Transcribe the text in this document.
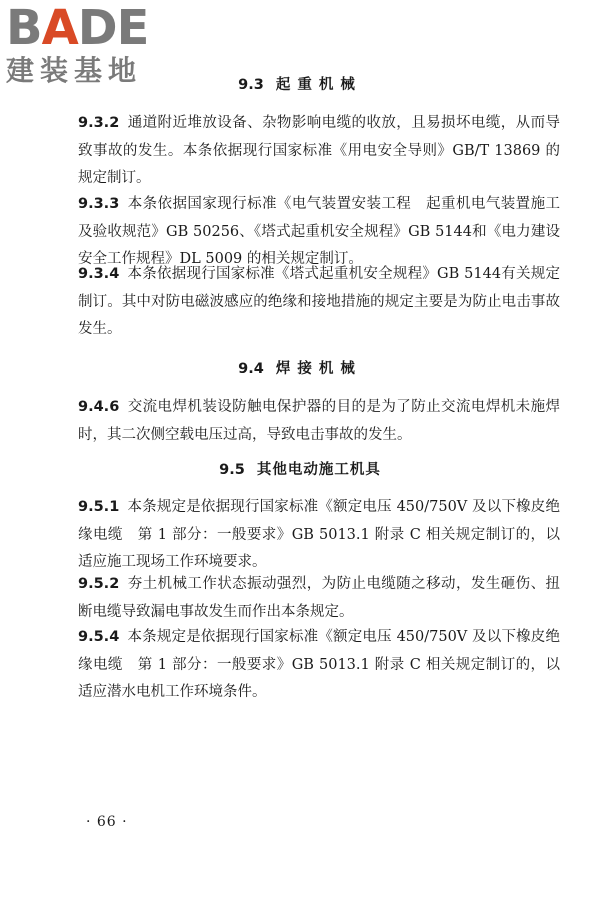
BADE
建装基地	9.3 起重机械

9.3.2 通道附近堆放设备、杂物影响电缆的收放，且易损坏电缆，从而导致事故的发生。本条依据现行国家标准《用电安全导则》GB/T 13869 的规定制订。

9.3.3 本条依据国家现行标准《电气装置安装工程　起重机电气装置施工及验收规范》GB 50256、《塔式起重机安全规程》GB 5144和《电力建设安全工作规程》DL 5009 的相关规定制订。

9.3.4 本条依据现行国家标准《塔式起重机安全规程》GB 5144有关规定制订。其中对防电磁波感应的绝缘和接地措施的规定主要是为防止电击事故发生。

9.4 焊接机械

9.4.6 交流电焊机装设防触电保护器的目的是为了防止交流电焊机未施焊时，其二次侧空载电压过高，导致电击事故的发生。

9.5 其他电动施工机具

9.5.1 本条规定是依据现行国家标准《额定电压 450/750V 及以下橡皮绝缘电缆　第 1 部分：一般要求》GB 5013.1 附录 C 相关规定制订的，以适应施工现场工作环境要求。

9.5.2 夯土机械工作状态振动强烈，为防止电缆随之移动，发生砸伤、扭断电缆导致漏电事故发生而作出本条规定。

9.5.4 本条规定是依据现行国家标准《额定电压 450/750V 及以下橡皮绝缘电缆　第 1 部分：一般要求》GB 5013.1 附录 C 相关规定制订的，以适应潜水电机工作环境条件。

· 66 ·
